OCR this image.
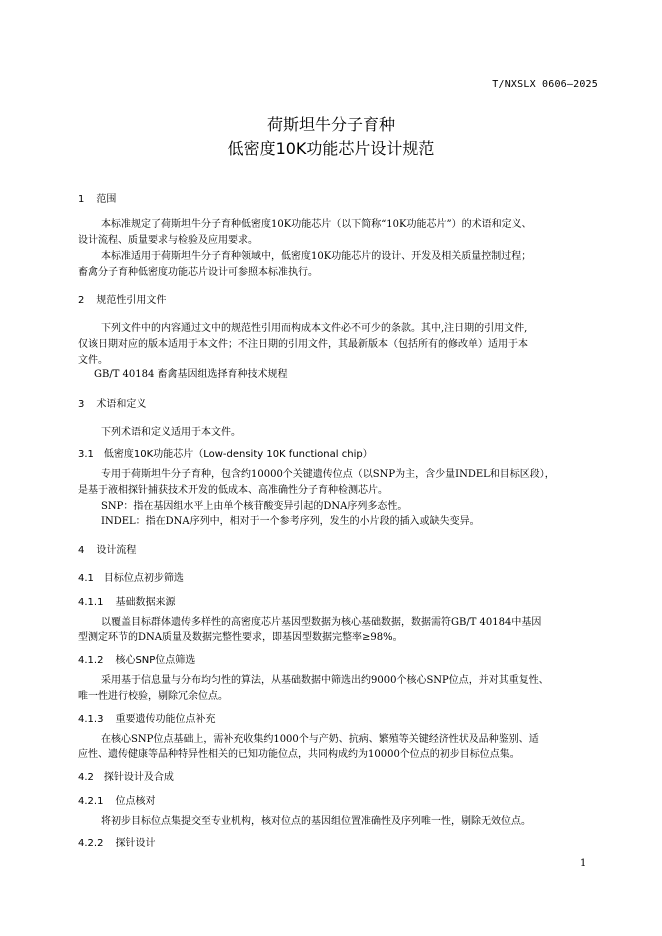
T/NXSLX 0606—2025
荷斯坦牛分子育种
低密度10K功能芯片设计规范
1 范围
本标准规定了荷斯坦牛分子育种低密度10K功能芯片（以下简称“10K功能芯片”）的术语和定义、
设计流程、质量要求与检验及应用要求。
本标准适用于荷斯坦牛分子育种领域中，低密度10K功能芯片的设计、开发及相关质量控制过程；
畜禽分子育种低密度功能芯片设计可参照本标准执行。
2 规范性引用文件
下列文件中的内容通过文中的规范性引用而构成本文件必不可少的条款。其中,注日期的引用文件,
仅该日期对应的版本适用于本文件；不注日期的引用文件，其最新版本（包括所有的修改单）适用于本
文件。
GB/T 40184 畜禽基因组选择育种技术规程
3 术语和定义
下列术语和定义适用于本文件。
3.1 低密度10K功能芯片（Low-density 10K functional chip）
专用于荷斯坦牛分子育种，包含约10000个关键遗传位点（以SNP为主，含少量INDEL和目标区段），
是基于液相探针捕获技术开发的低成本、高准确性分子育种检测芯片。
SNP：指在基因组水平上由单个核苷酸变异引起的DNA序列多态性。
INDEL：指在DNA序列中，相对于一个参考序列，发生的小片段的插入或缺失变异。
4 设计流程
4.1 目标位点初步筛选
4.1.1 基础数据来源
以覆盖目标群体遗传多样性的高密度芯片基因型数据为核心基础数据，数据需符GB/T 40184中基因
型测定环节的DNA质量及数据完整性要求，即基因型数据完整率≥98%。
4.1.2 核心SNP位点筛选
采用基于信息量与分布均匀性的算法，从基础数据中筛选出约9000个核心SNP位点，并对其重复性、
唯一性进行校验，剔除冗余位点。
4.1.3 重要遗传功能位点补充
在核心SNP位点基础上，需补充收集约1000个与产奶、抗病、繁殖等关键经济性状及品种鉴别、适
应性、遗传健康等品种特异性相关的已知功能位点，共同构成约为10000个位点的初步目标位点集。
4.2 探针设计及合成
4.2.1 位点核对
将初步目标位点集提交至专业机构，核对位点的基因组位置准确性及序列唯一性，剔除无效位点。
4.2.2 探针设计
1
